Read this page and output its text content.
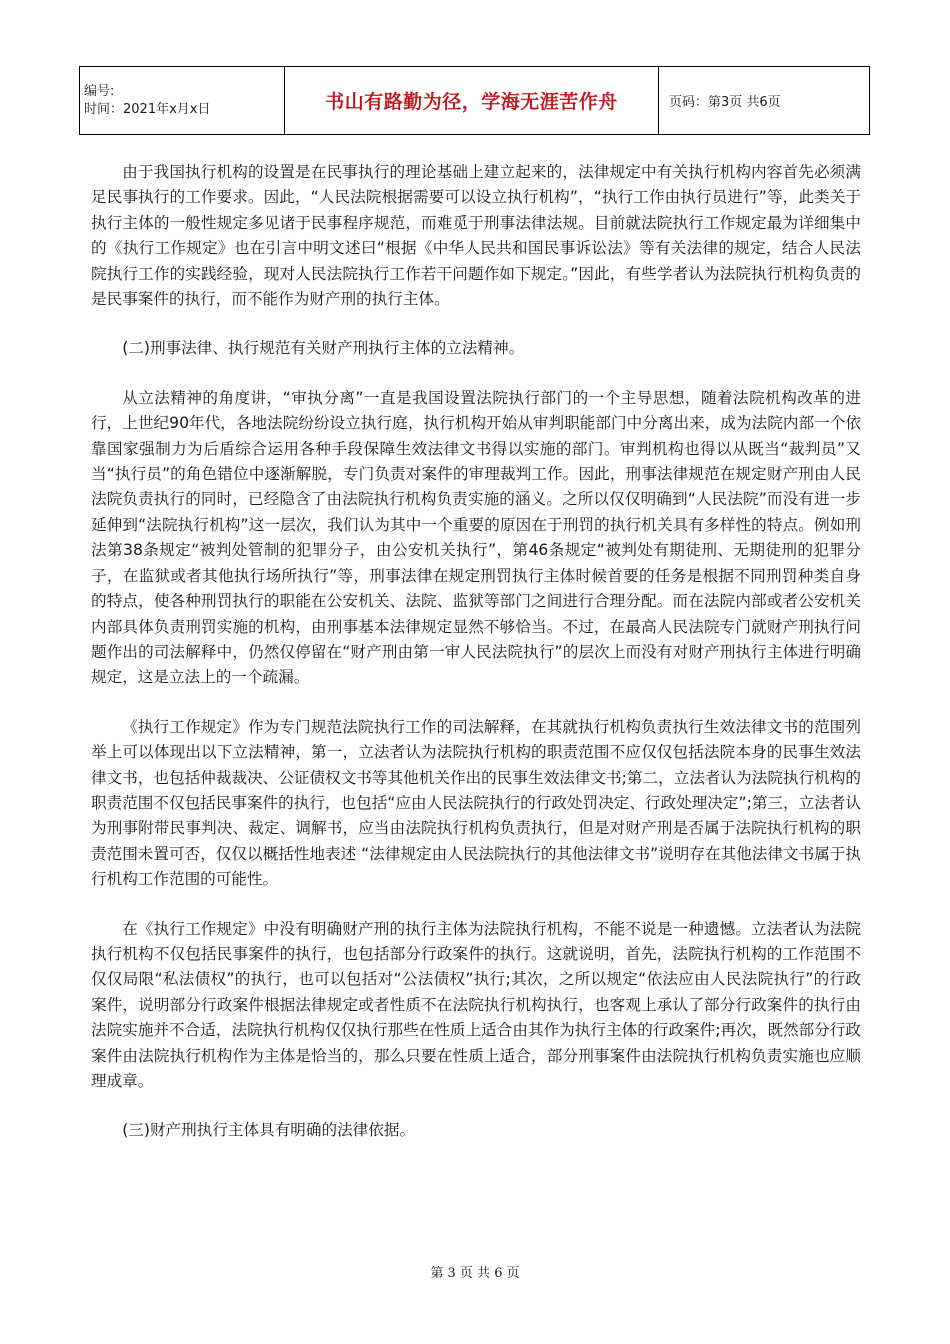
编号:
时间：2021年x月x日	书山有路勤为径，学海无涯苦作舟	页码：第3页 共6页

由于我国执行机构的设置是在民事执行的理论基础上建立起来的，法律规定中有关执行机构内容首先必须满足民事执行的工作要求。因此，“人民法院根据需要可以设立执行机构”，“执行工作由执行员进行”等，此类关于执行主体的一般性规定多见诸于民事程序规范，而难觅于刑事法律法规。目前就法院执行工作规定最为详细集中的《执行工作规定》也在引言中明文述曰“根据《中华人民共和国民事诉讼法》等有关法律的规定，结合人民法院执行工作的实践经验，现对人民法院执行工作若干问题作如下规定。”因此，有些学者认为法院执行机构负责的是民事案件的执行，而不能作为财产刑的执行主体。

(二)刑事法律、执行规范有关财产刑执行主体的立法精神。

从立法精神的角度讲，“审执分离”一直是我国设置法院执行部门的一个主导思想，随着法院机构改革的进行，上世纪90年代，各地法院纷纷设立执行庭，执行机构开始从审判职能部门中分离出来，成为法院内部一个依靠国家强制力为后盾综合运用各种手段保障生效法律文书得以实施的部门。审判机构也得以从既当“裁判员”又当“执行员”的角色错位中逐渐解脱，专门负责对案件的审理裁判工作。因此，刑事法律规范在规定财产刑由人民法院负责执行的同时，已经隐含了由法院执行机构负责实施的涵义。之所以仅仅明确到“人民法院”而没有进一步延伸到“法院执行机构”这一层次，我们认为其中一个重要的原因在于刑罚的执行机关具有多样性的特点。例如刑法第38条规定“被判处管制的犯罪分子，由公安机关执行”，第46条规定“被判处有期徒刑、无期徒刑的犯罪分子，在监狱或者其他执行场所执行”等，刑事法律在规定刑罚执行主体时候首要的任务是根据不同刑罚种类自身的特点，使各种刑罚执行的职能在公安机关、法院、监狱等部门之间进行合理分配。而在法院内部或者公安机关内部具体负责刑罚实施的机构，由刑事基本法律规定显然不够恰当。不过，在最高人民法院专门就财产刑执行问题作出的司法解释中，仍然仅停留在“财产刑由第一审人民法院执行”的层次上而没有对财产刑执行主体进行明确规定，这是立法上的一个疏漏。

《执行工作规定》作为专门规范法院执行工作的司法解释，在其就执行机构负责执行生效法律文书的范围列举上可以体现出以下立法精神，第一，立法者认为法院执行机构的职责范围不应仅仅包括法院本身的民事生效法律文书，也包括仲裁裁决、公证债权文书等其他机关作出的民事生效法律文书;第二，立法者认为法院执行机构的职责范围不仅包括民事案件的执行，也包括“应由人民法院执行的行政处罚决定、行政处理决定”;第三，立法者认为刑事附带民事判决、裁定、调解书，应当由法院执行机构负责执行，但是对财产刑是否属于法院执行机构的职责范围未置可否，仅仅以概括性地表述 “法律规定由人民法院执行的其他法律文书”说明存在其他法律文书属于执行机构工作范围的可能性。

在《执行工作规定》中没有明确财产刑的执行主体为法院执行机构，不能不说是一种遗憾。立法者认为法院执行机构不仅包括民事案件的执行，也包括部分行政案件的执行。这就说明，首先，法院执行机构的工作范围不仅仅局限“私法债权”的执行，也可以包括对“公法债权”执行;其次，之所以规定“依法应由人民法院执行”的行政案件，说明部分行政案件根据法律规定或者性质不在法院执行机构执行，也客观上承认了部分行政案件的执行由法院实施并不合适，法院执行机构仅仅执行那些在性质上适合由其作为执行主体的行政案件;再次，既然部分行政案件由法院执行机构作为主体是恰当的，那么只要在性质上适合，部分刑事案件由法院执行机构负责实施也应顺理成章。

(三)财产刑执行主体具有明确的法律依据。

第 3 页 共 6 页
